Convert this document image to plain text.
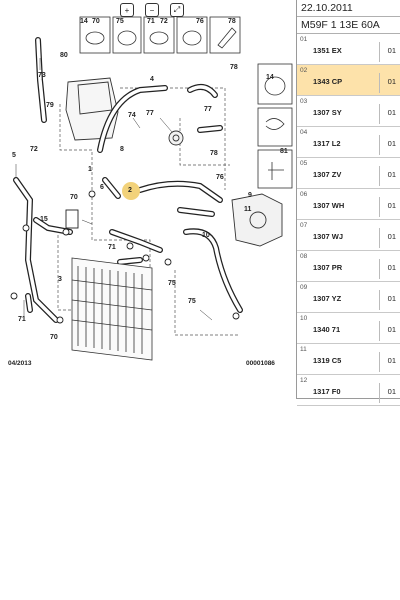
+	−	⤢
14 70 75	71 72	76	78
80
73
79
74 77
72	8
5
1
6
70
15
71
3
78
77
14
81
9
2
11
10
75
70
71
4
78
76
75
04/2013	00001086
22.10.2011
M59F 1 13E 60A
01
1351 EX	01
02
1343 CP	01
03
1307 SY	01
04
1317 L2	01
05
1307 ZV	01
06
1307 WH	01
07
1307 WJ	01
08
1307 PR	01
09
1307 YZ	01
10
1340 71	01
11
1319 C5	01
12
1317 F0	01
